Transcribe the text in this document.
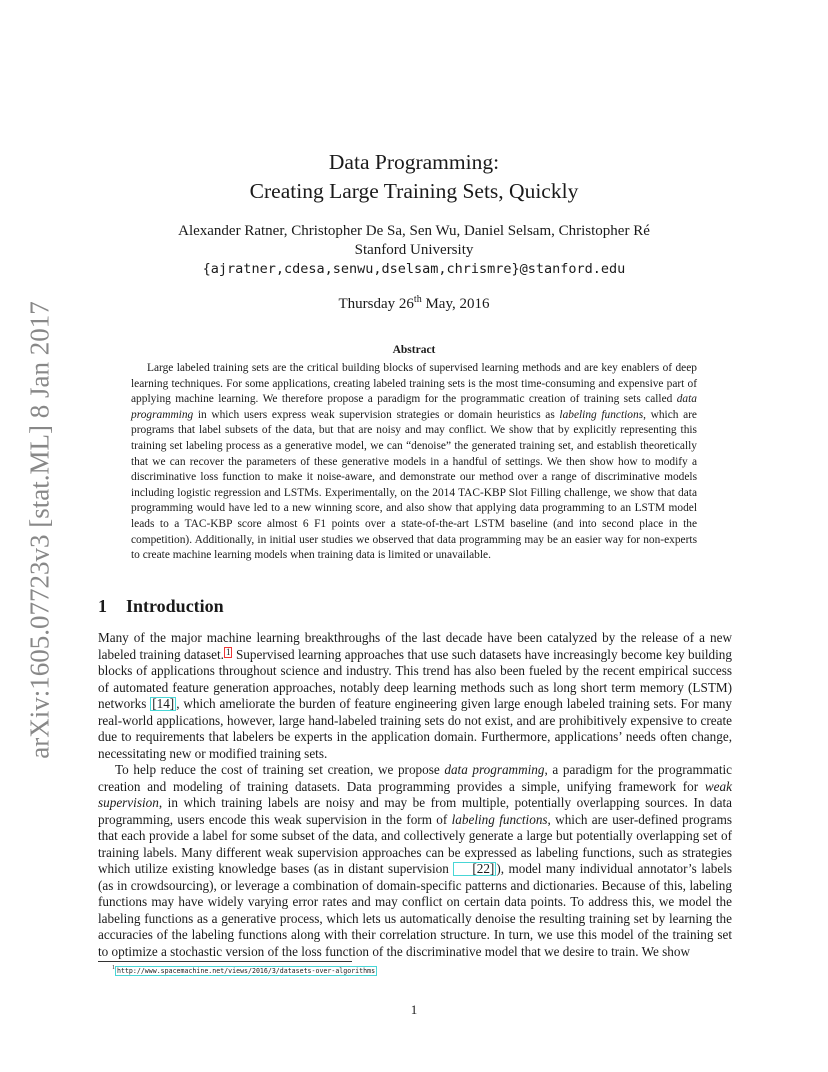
arXiv:1605.07723v3 [stat.ML] 8 Jan 2017
Data Programming:
Creating Large Training Sets, Quickly
Alexander Ratner, Christopher De Sa, Sen Wu, Daniel Selsam, Christopher Ré
Stanford University
{ajratner,cdesa,senwu,dselsam,chrismre}@stanford.edu
Thursday 26th May, 2016
Abstract
Large labeled training sets are the critical building blocks of supervised learning methods and are key enablers of deep learning techniques. For some applications, creating labeled training sets is the most time-consuming and expensive part of applying machine learning. We therefore propose a paradigm for the programmatic creation of training sets called data programming in which users express weak supervision strategies or domain heuristics as labeling functions, which are programs that label subsets of the data, but that are noisy and may conflict. We show that by explicitly representing this training set labeling process as a generative model, we can “denoise” the generated training set, and establish theoretically that we can recover the parameters of these generative models in a handful of settings. We then show how to modify a discriminative loss function to make it noise-aware, and demonstrate our method over a range of discriminative models including logistic regression and LSTMs. Experimentally, on the 2014 TAC-KBP Slot Filling challenge, we show that data programming would have led to a new winning score, and also show that applying data programming to an LSTM model leads to a TAC-KBP score almost 6 F1 points over a state-of-the-art LSTM baseline (and into second place in the competition). Additionally, in initial user studies we observed that data programming may be an easier way for non-experts to create machine learning models when training data is limited or unavailable.
1 Introduction

Many of the major machine learning breakthroughs of the last decade have been catalyzed by the release of a new labeled training dataset. 1 Supervised learning approaches that use such datasets have increasingly become key building blocks of applications throughout science and industry. This trend has also been fueled by the recent empirical success of automated feature generation approaches, notably deep learning methods such as long short term memory (LSTM) networks [14] , which ameliorate the burden of feature engineering given large enough labeled training sets. For many real-world applications, however, large hand-labeled training sets do not exist, and are prohibitively expensive to create due to requirements that labelers be experts in the application domain. Furthermore, applications’ needs often change, necessitating new or modified training sets.

To help reduce the cost of training set creation, we propose data programming, a paradigm for the programmatic creation and modeling of training datasets. Data programming provides a simple, unifying framework for weak supervision, in which training labels are noisy and may be from multiple, potentially overlapping sources. In data programming, users encode this weak supervision in the form of labeling functions, which are user-defined programs that each provide a label for some subset of the data, and collectively generate a large but potentially overlapping set of training labels. Many different weak supervision approaches can be expressed as labeling functions, such as strategies which utilize existing knowledge bases (as in distant supervision [22] ), model many individual annotator’s labels (as in crowdsourcing), or leverage a combination of domain-specific patterns and dictionaries. Because of this, labeling functions may have widely varying error rates and may conflict on certain data points. To address this, we model the labeling functions as a generative process, which lets us automatically denoise the resulting training set by learning the accuracies of the labeling functions along with their correlation structure. In turn, we use this model of the training set to optimize a stochastic version of the loss function of the discriminative model that we desire to train. We show

$^1$ http://www.spacemachine.net/views/2016/3/datasets-over-algorithms
1
